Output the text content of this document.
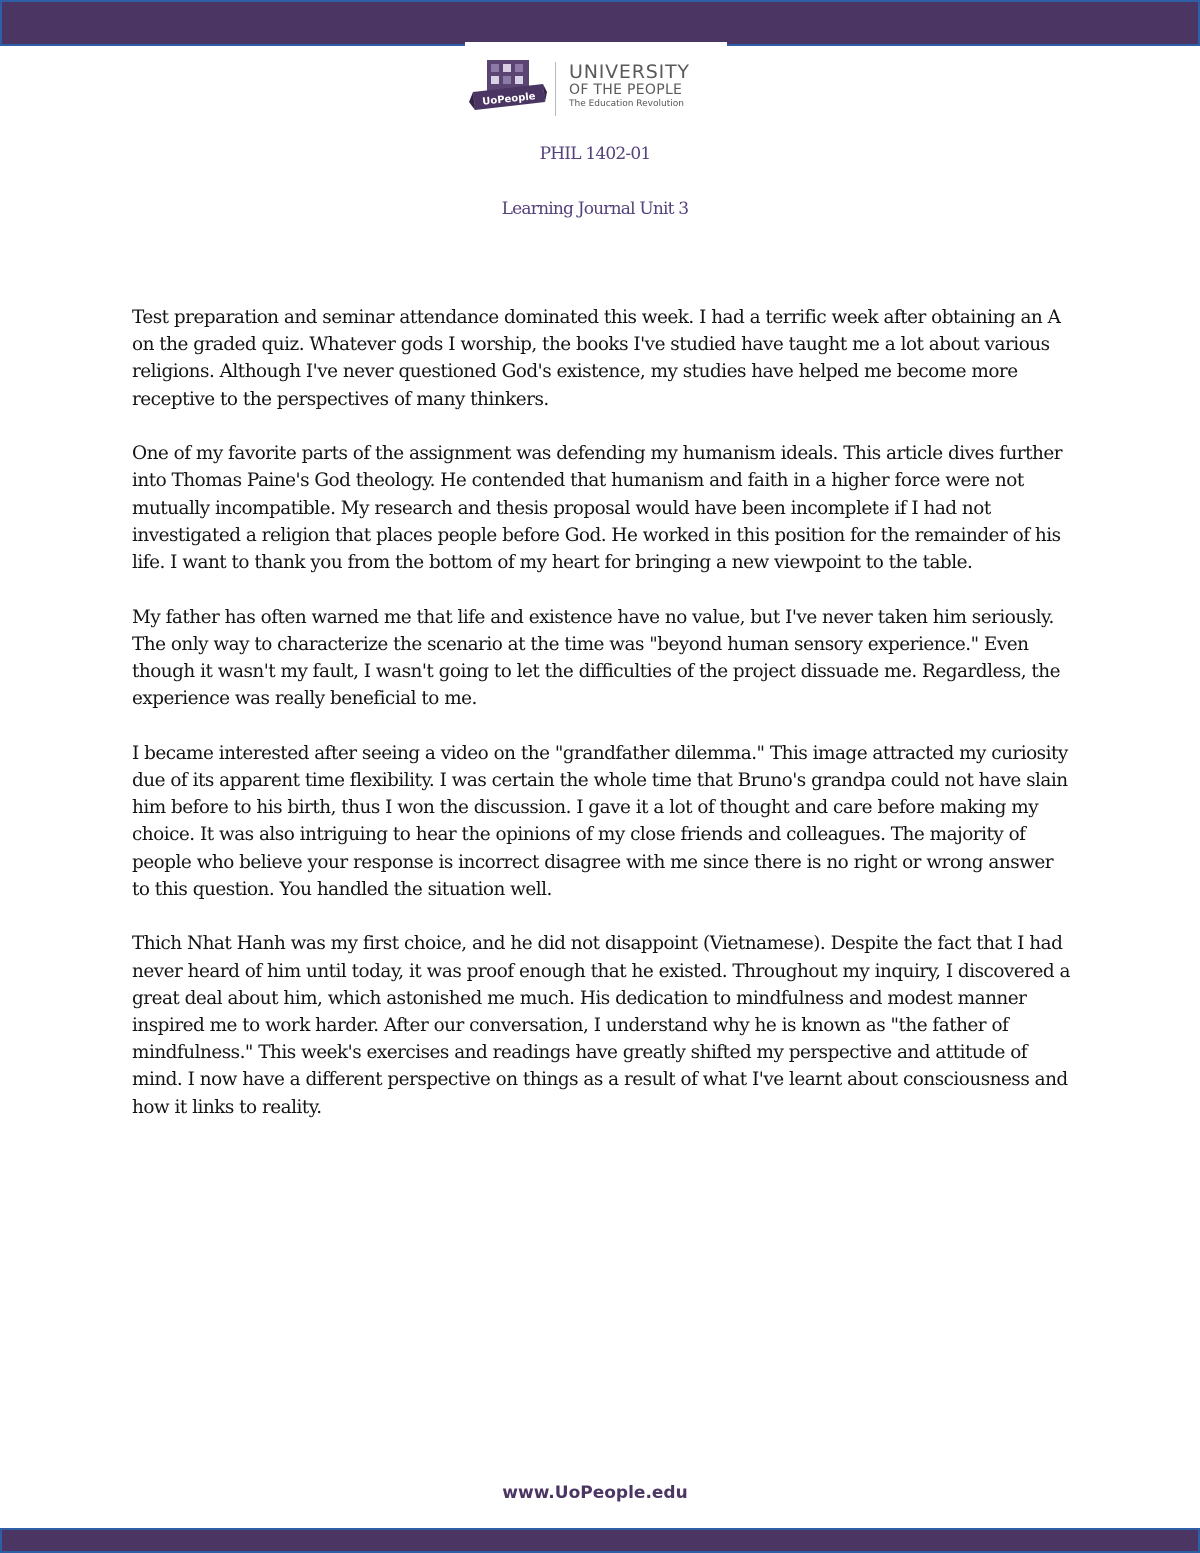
UoPeople
UNIVERSITY
OF THE PEOPLE
The Education Revolution
PHIL 1402-01
Learning Journal Unit 3

Test preparation and seminar attendance dominated this week. I had a terrific week after obtaining an A on the graded quiz. Whatever gods I worship, the books I've studied have taught me a lot about various religions. Although I've never questioned God's existence, my studies have helped me become more receptive to the perspectives of many thinkers.

One of my favorite parts of the assignment was defending my humanism ideals. This article dives further into Thomas Paine's God theology. He contended that humanism and faith in a higher force were not mutually incompatible. My research and thesis proposal would have been incomplete if I had not investigated a religion that places people before God. He worked in this position for the remainder of his life. I want to thank you from the bottom of my heart for bringing a new viewpoint to the table.

My father has often warned me that life and existence have no value, but I've never taken him seriously. The only way to characterize the scenario at the time was "beyond human sensory experience." Even though it wasn't my fault, I wasn't going to let the difficulties of the project dissuade me. Regardless, the experience was really beneficial to me.

I became interested after seeing a video on the "grandfather dilemma." This image attracted my curiosity due of its apparent time flexibility. I was certain the whole time that Bruno's grandpa could not have slain him before to his birth, thus I won the discussion. I gave it a lot of thought and care before making my choice. It was also intriguing to hear the opinions of my close friends and colleagues. The majority of people who believe your response is incorrect disagree with me since there is no right or wrong answer to this question. You handled the situation well.

Thich Nhat Hanh was my first choice, and he did not disappoint (Vietnamese). Despite the fact that I had never heard of him until today, it was proof enough that he existed. Throughout my inquiry, I discovered a great deal about him, which astonished me much. His dedication to mindfulness and modest manner inspired me to work harder. After our conversation, I understand why he is known as "the father of mindfulness." This week's exercises and readings have greatly shifted my perspective and attitude of mind. I now have a different perspective on things as a result of what I've learnt about consciousness and how it links to reality.

www.UoPeople.edu
